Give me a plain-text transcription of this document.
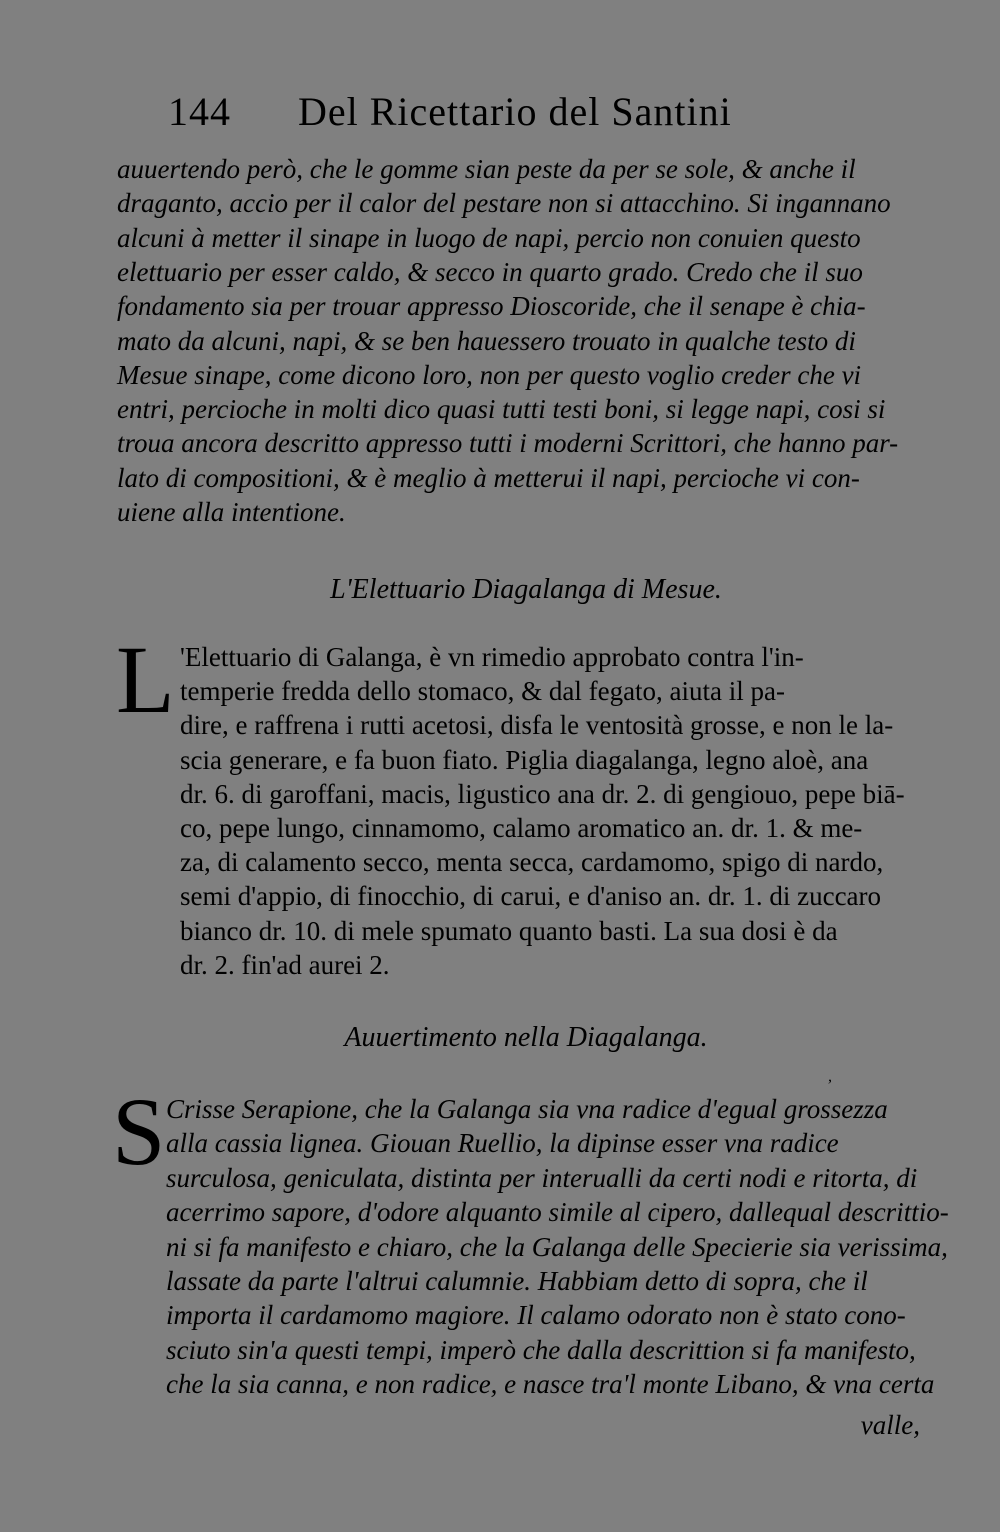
144 Del Ricettario del Santini
auuertendo però, che le gomme sian peste da per se sole, & anche il
draganto, accio per il calor del pestare non si attacchino. Si ingannano
alcuni à metter il sinape in luogo de napi, percio non conuien questo
elettuario per esser caldo, & secco in quarto grado. Credo che il suo
fondamento sia per trouar appresso Dioscoride, che il senape è chia-
mato da alcuni, napi, & se ben hauessero trouato in qualche testo di
Mesue sinape, come dicono loro, non per questo voglio creder che vi
entri, percioche in molti dico quasi tutti testi boni, si legge napi, cosi si
troua ancora descritto appresso tutti i moderni Scrittori, che hanno par-
lato di compositioni, & è meglio à metterui il napi, percioche vi con-
uiene alla intentione.
L'Elettuario Diagalanga di Mesue.
L 'Elettuario di Galanga, è vn rimedio approbato contra l'in-
temperie fredda dello stomaco, & dal fegato, aiuta il pa-
dire, e raffrena i rutti acetosi, disfa le ventosità grosse, e non le la-
scia generare, e fa buon fiato. Piglia diagalanga, legno aloè, ana
dr. 6. di garoffani, macis, ligustico ana dr. 2. di gengiouo, pepe biā-
co, pepe lungo, cinnamomo, calamo aromatico an. dr. 1. & me-
za, di calamento secco, menta secca, cardamomo, spigo di nardo,
semi d'appio, di finocchio, di carui, e d'aniso an. dr. 1. di zuccaro
bianco dr. 10. di mele spumato quanto basti. La sua dosi è da
dr. 2. fin'ad aurei 2.
Auuertimento nella Diagalanga.
,
S Crisse Serapione, che la Galanga sia vna radice d'egual grossezza
alla cassia lignea. Giouan Ruellio, la dipinse esser vna radice
surculosa, geniculata, distinta per interualli da certi nodi e ritorta, di
acerrimo sapore, d'odore alquanto simile al cipero, dallequal descrittio-
ni si fa manifesto e chiaro, che la Galanga delle Specierie sia verissima,
lassate da parte l'altrui calumnie. Habbiam detto di sopra, che il
importa il cardamomo magiore. Il calamo odorato non è stato cono-
sciuto sin'a questi tempi, imperò che dalla descrittion si fa manifesto,
che la sia canna, e non radice, e nasce tra'l monte Libano, & vna certa
valle,
